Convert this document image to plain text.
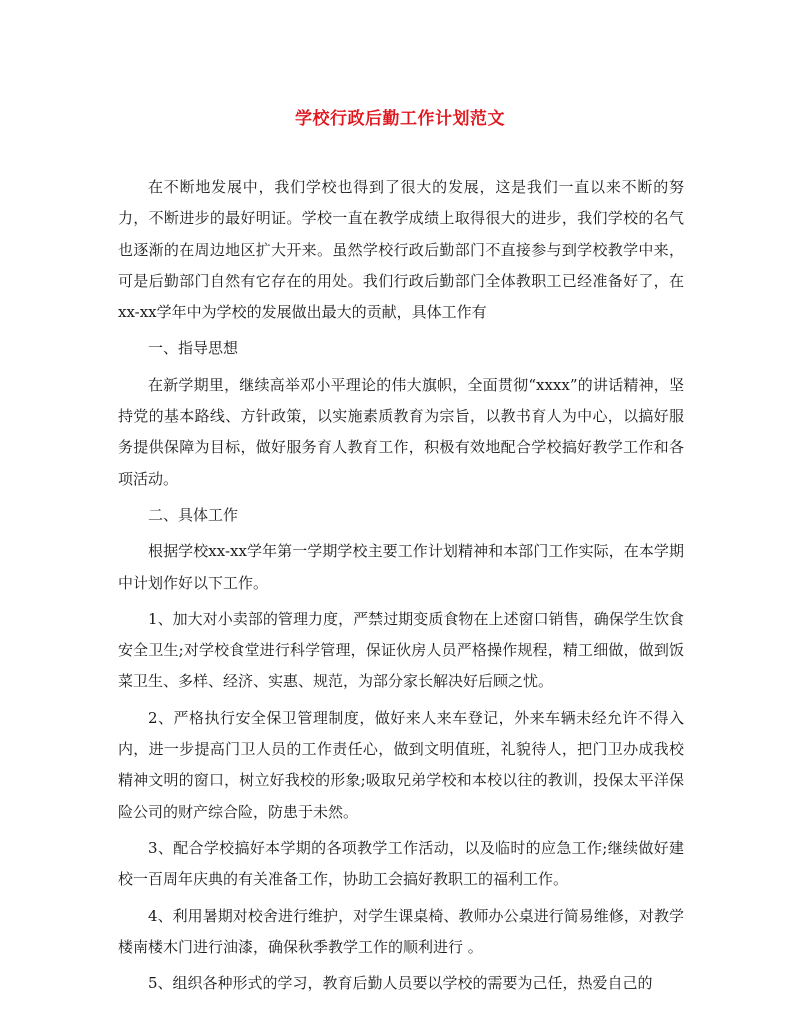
学校行政后勤工作计划范文

在不断地发展中，我们学校也得到了很大的发展，这是我们一直以来不断的努力，不断进步的最好明证。学校一直在教学成绩上取得很大的进步，我们学校的名气也逐渐的在周边地区扩大开来。虽然学校行政后勤部门不直接参与到学校教学中来，可是后勤部门自然有它存在的用处。我们行政后勤部门全体教职工已经准备好了，在xx-xx学年中为学校的发展做出最大的贡献，具体工作有

一、指导思想

在新学期里，继续高举邓小平理论的伟大旗帜，全面贯彻“xxxx”的讲话精神，坚持党的基本路线、方针政策，以实施素质教育为宗旨，以教书育人为中心，以搞好服务提供保障为目标，做好服务育人教育工作，积极有效地配合学校搞好教学工作和各项活动。

二、具体工作

根据学校xx-xx学年第一学期学校主要工作计划精神和本部门工作实际，在本学期中计划作好以下工作。

1、加大对小卖部的管理力度，严禁过期变质食物在上述窗口销售，确保学生饮食安全卫生;对学校食堂进行科学管理，保证伙房人员严格操作规程，精工细做，做到饭菜卫生、多样、经济、实惠、规范，为部分家长解决好后顾之忧。

2、严格执行安全保卫管理制度，做好来人来车登记，外来车辆未经允许不得入内，进一步提高门卫人员的工作责任心，做到文明值班，礼貌待人，把门卫办成我校精神文明的窗口，树立好我校的形象;吸取兄弟学校和本校以往的教训，投保太平洋保险公司的财产综合险，防患于未然。

3、配合学校搞好本学期的各项教学工作活动，以及临时的应急工作;继续做好建校一百周年庆典的有关准备工作，协助工会搞好教职工的福利工作。

4、利用暑期对校舍进行维护，对学生课桌椅、教师办公桌进行简易维修，对教学楼南楼木门进行油漆，确保秋季教学工作的顺利进行 。

5、组织各种形式的学习，教育后勤人员要以学校的需要为己任，热爱自己的
